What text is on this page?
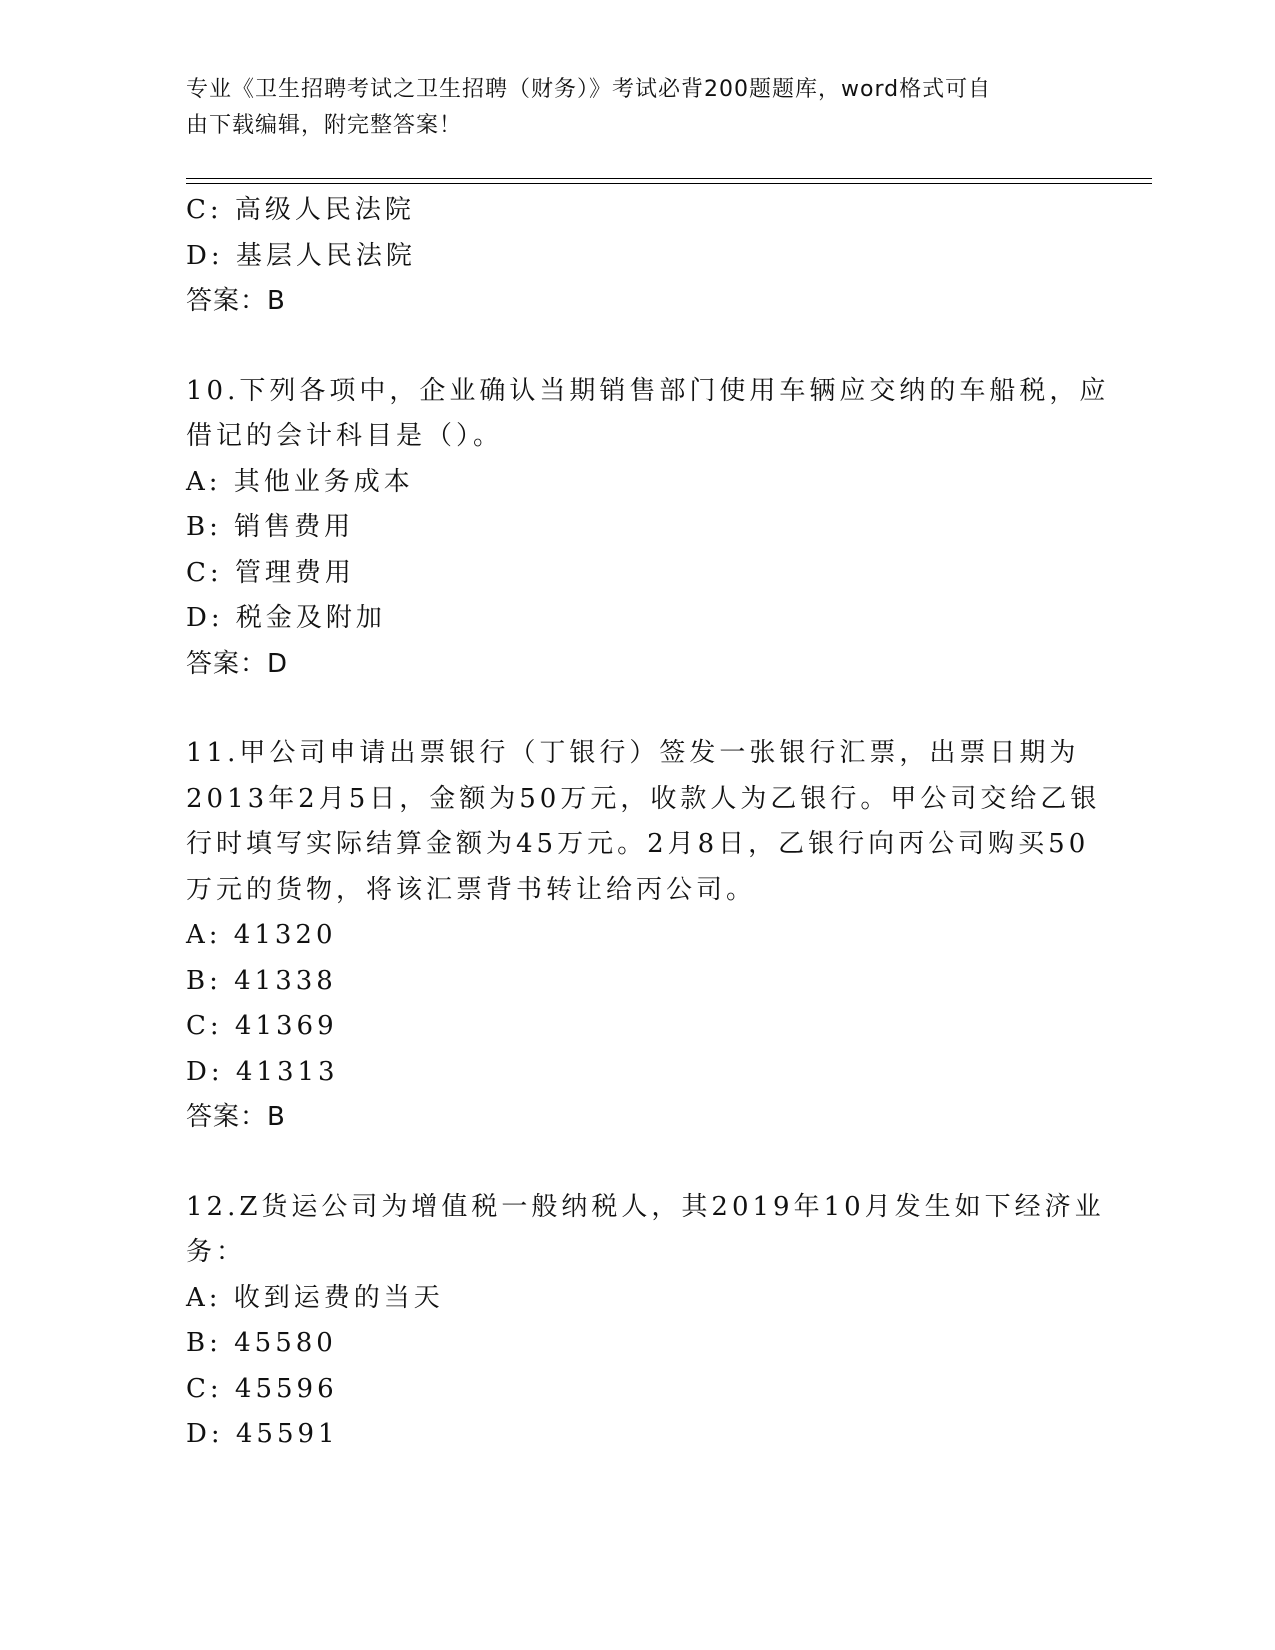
专业《卫生招聘考试之卫生招聘（财务）》考试必背200题题库，word格式可自
由下载编辑，附完整答案！
C: 高级人民法院
D: 基层人民法院
答案：B
10.下列各项中，企业确认当期销售部门使用车辆应交纳的车船税，应
借记的会计科目是（）。
A: 其他业务成本
B: 销售费用
C: 管理费用
D: 税金及附加
答案：D
11.甲公司申请出票银行（丁银行）签发一张银行汇票，出票日期为
2013年2月5日，金额为50万元，收款人为乙银行。甲公司交给乙银
行时填写实际结算金额为45万元。2月8日，乙银行向丙公司购买50
万元的货物，将该汇票背书转让给丙公司。
A: 41320
B: 41338
C: 41369
D: 41313
答案：B
12.Z货运公司为增值税一般纳税人，其2019年10月发生如下经济业
务：
A: 收到运费的当天
B: 45580
C: 45596
D: 45591
